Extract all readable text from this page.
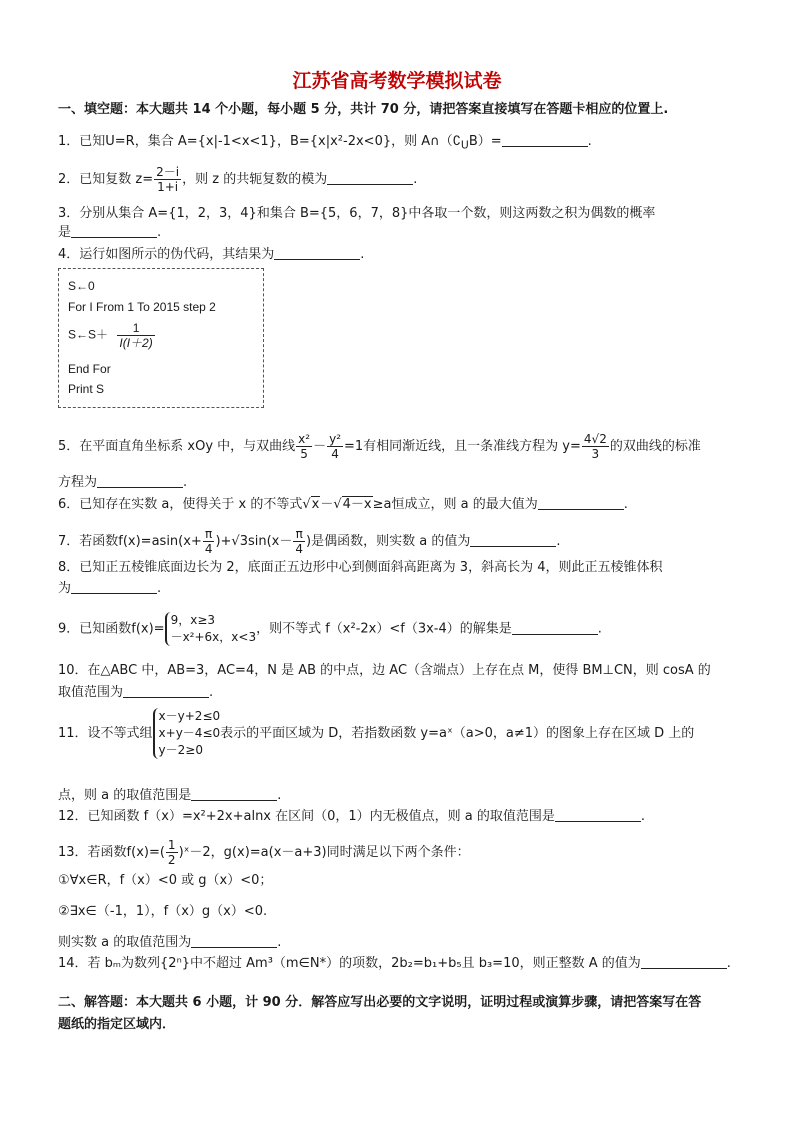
江苏省高考数学模拟试卷
一、填空题：本大题共 14 个小题，每小题 5 分，共计 70 分，请把答案直接填写在答题卡相应的位置上.
1．已知U=R，集合 A={x|-1<x<1}，B={x|x²-2x<0}，则 $A\cap(∁_UB)=$	.
2．已知复数 $z= \frac{2-i}{1+i}$ ，则 z 的共轭复数的模为	.
3．分别从集合 A={1，2，3，4}和集合 B={5，6，7，8}中各取一个数，则这两数之积为偶数的概率
是	.
4．运行如图所示的伪代码，其结果为	.
S←0
For I From 1 To 2015 step 2
S←S＋ $\frac{1}{I(I+2)}$
End For
Print S
5．在平面直角坐标系 xOy 中，与双曲线 $\frac{\text{x²}}{5} - \frac{\text{y²}}{4} =1$有相同渐近线，且一条准线方程为 $y= \frac{4√2}{3}$ 的双曲线的标准
方程为	.
6．已知存在实数 a，使得关于 x 的不等式√x－√4－x≥a恒成立，则 a 的最大值为	.
7．若函数$f(x)=asin(x+ \frac{\pi}{4} )+√3\sin(x- \frac{\pi}{4}$ )是偶函数，则实数 a 的值为	.
8．已知正五棱锥底面边长为 2，底面正五边形中心到侧面斜高距离为 3，斜高长为 4，则此正五棱锥体积
为	.
9．已知函数f(x)=
9，x≥3
－x²+6x，x<3
，则不等式 f（x²-2x）<f（3x-4）的解集是	.
10．在△ABC 中，AB=3，AC=4，N 是 AB 的中点，边 AC（含端点）上存在点 M，使得 BM⊥CN，则 cosA 的
取值范围为	.
11．设不等式组
x－y+2≤0
x+y－4≤0
y－2≥0
表示的平面区域为 D，若指数函数 y=aˣ（a>0，a≠1）的图象上存在区域 D 上的
点，则 a 的取值范围是	.
12．已知函数 f（x）=x²+2x+alnx 在区间（0，1）内无极值点，则 a 的取值范围是	.
13．若函数$f(x)=( \frac{1}{2}$ )ˣ－2，g(x)=a(x－a+3)同时满足以下两个条件：
①∀x∈R，f（x）<0 或 g（x）<0；
②∃x∈（-1，1），f（x）g（x）<0.
则实数 a 的取值范围为	.
14．若 bₘ为数列{2ⁿ}中不超过 Am³（m∈N*）的项数，2b₂=b₁+b₅且 b₃=10，则正整数 A 的值为	.
二、解答题：本大题共 6 小题，计 90 分．解答应写出必要的文字说明，证明过程或演算步骤，请把答案写在答
题纸的指定区域内．
